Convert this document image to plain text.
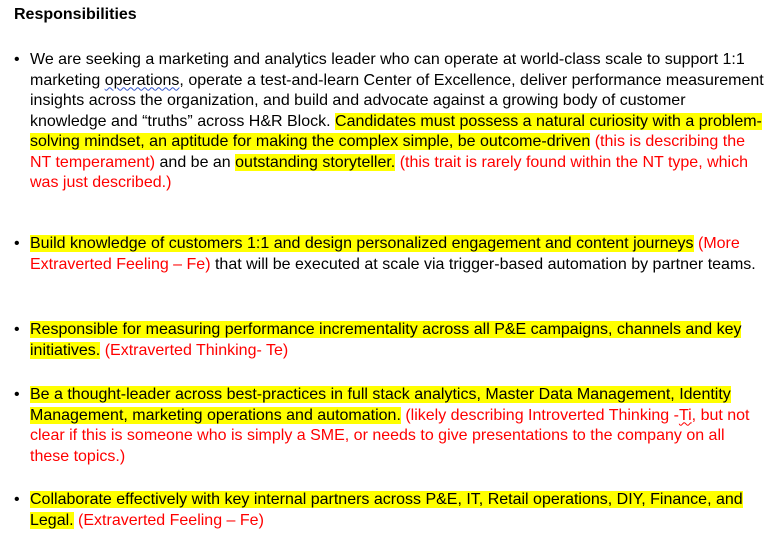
Responsibilities
• We are seeking a marketing and analytics leader who can operate at world-class scale to support 1:1 marketing operations, operate a test-and-learn Center of Excellence, deliver performance measurement insights across the organization, and build and advocate against a growing body of customer knowledge and “truths” across H&R Block. Candidates must possess a natural curiosity with a problem-solving mindset, an aptitude for making the complex simple, be outcome-driven (this is describing the NT temperament) and be an outstanding storyteller. (this trait is rarely found within the NT type, which was just described.)
• Build knowledge of customers 1:1 and design personalized engagement and content journeys (More Extraverted Feeling – Fe) that will be executed at scale via trigger-based automation by partner teams.
• Responsible for measuring performance incrementality across all P&E campaigns, channels and key initiatives. (Extraverted Thinking- Te)
• Be a thought-leader across best-practices in full stack analytics, Master Data Management, Identity Management, marketing operations and automation. (likely describing Introverted Thinking -Ti, but not clear if this is someone who is simply a SME, or needs to give presentations to the company on all these topics.)
• Collaborate effectively with key internal partners across P&E, IT, Retail operations, DIY, Finance, and Legal. (Extraverted Feeling – Fe)
